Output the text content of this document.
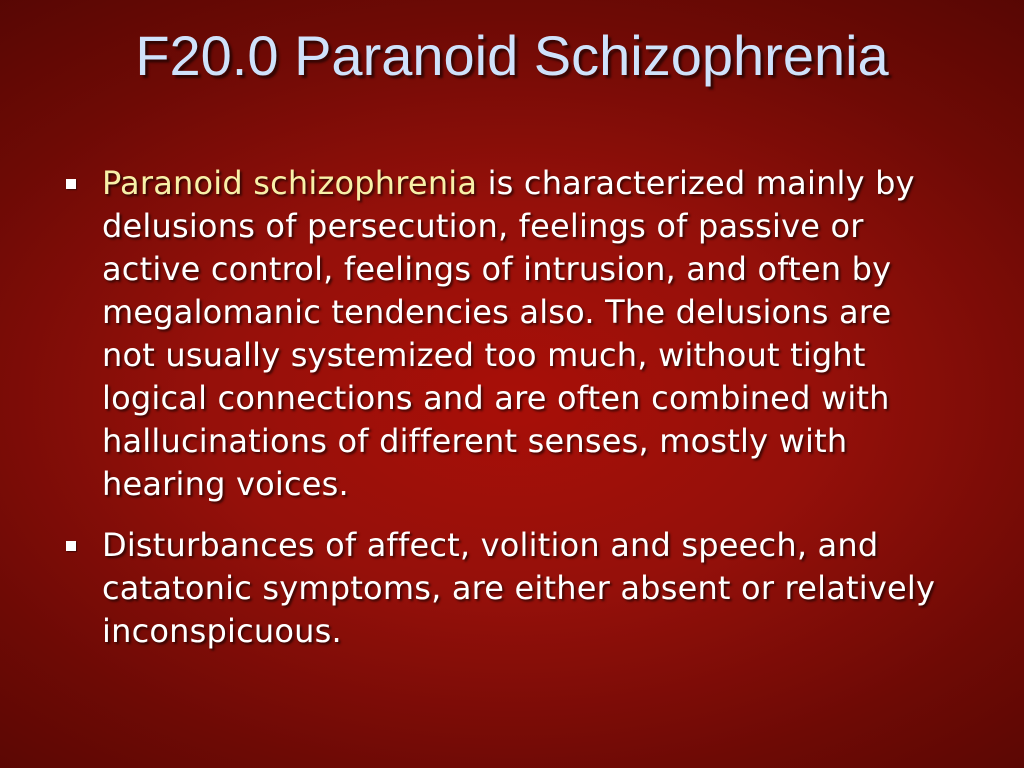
F20.0 Paranoid Schizophrenia
Paranoid schizophrenia is characterized mainly by delusions of persecution, feelings of passive or active control, feelings of intrusion, and often by megalomanic tendencies also. The delusions are not usually systemized too much, without tight logical connections and are often combined with hallucinations of different senses, mostly with hearing voices.
Disturbances of affect, volition and speech, and catatonic symptoms, are either absent or relatively inconspicuous.
